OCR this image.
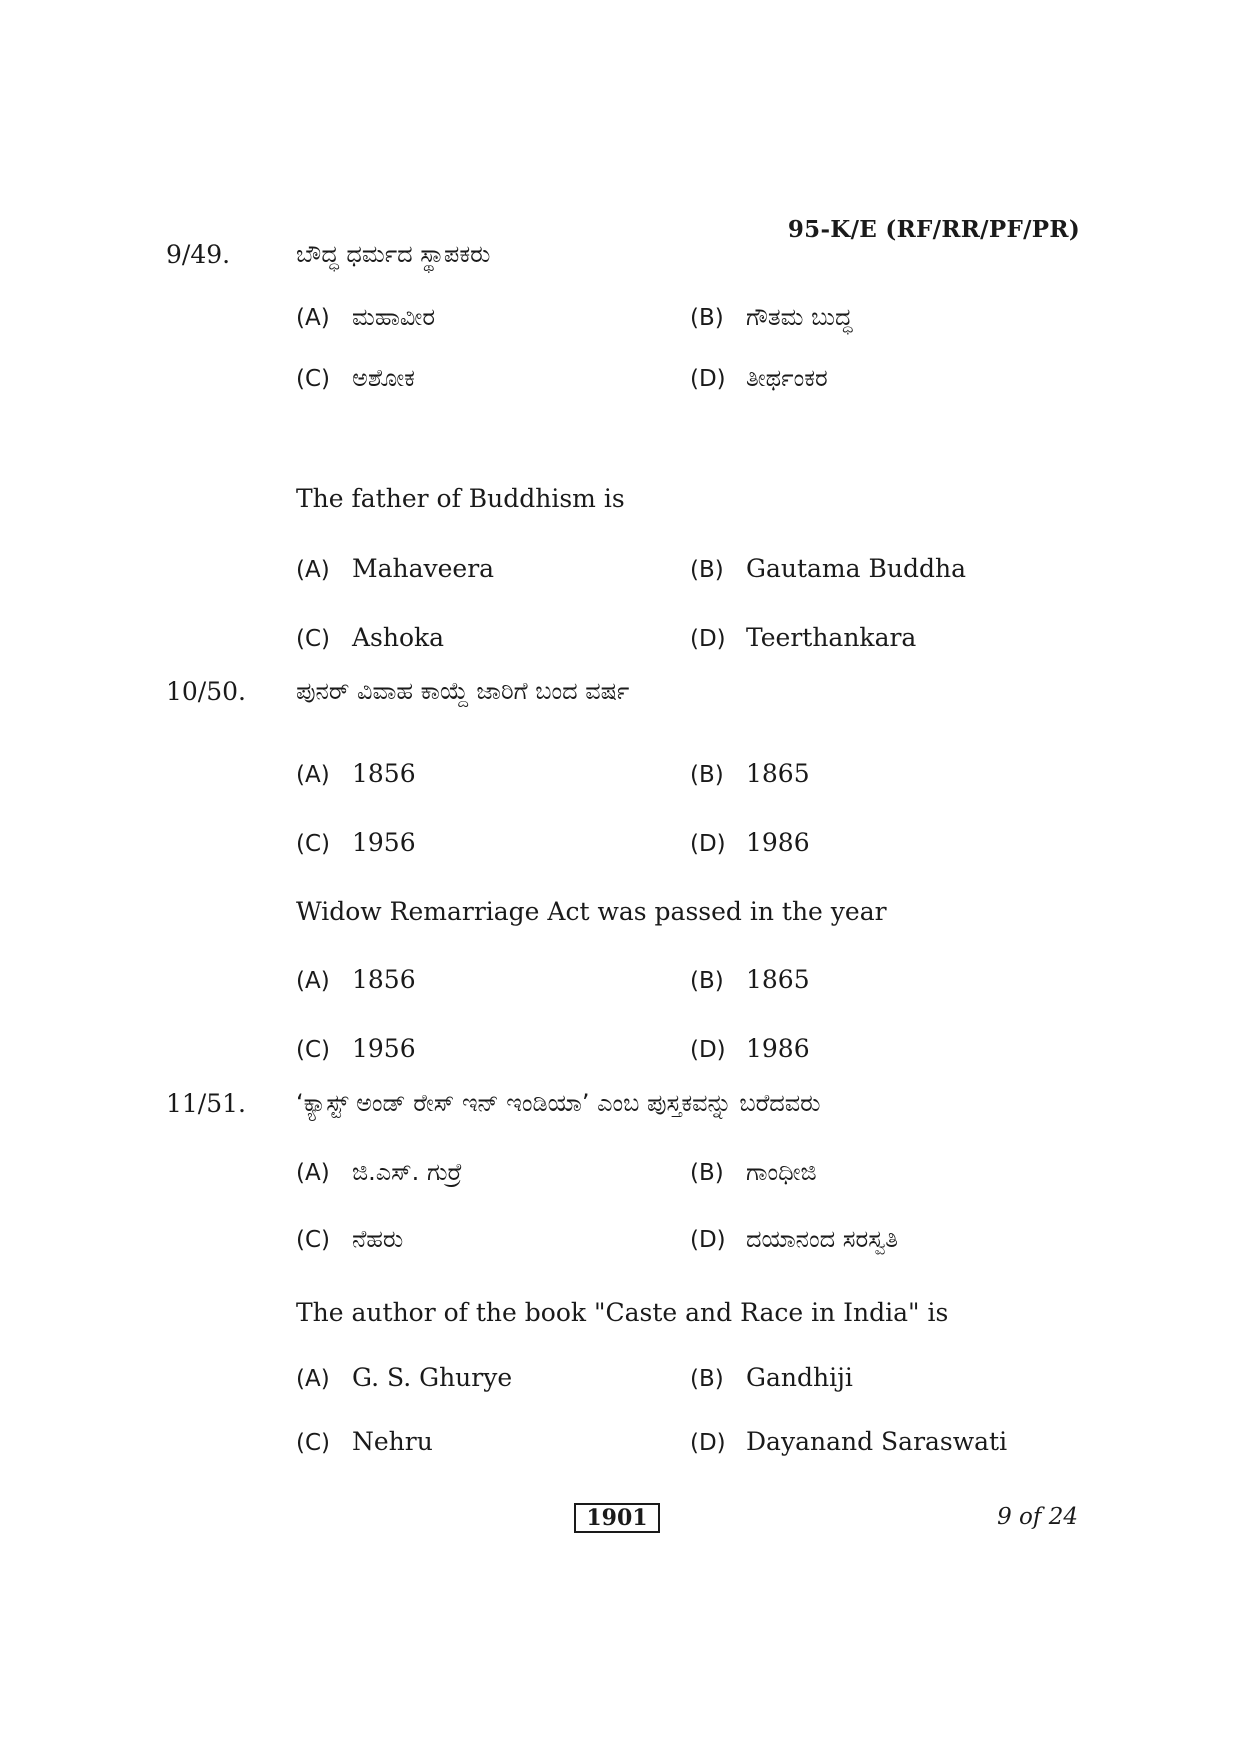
95-K/E (RF/RR/PF/PR)
9/49.	ಬೌದ್ಧ ಧರ್ಮದ ಸ್ಥಾಪಕರು
(A) ಮಹಾವೀರ	(B) ಗೌತಮ ಬುದ್ಧ
(C) ಅಶೋಕ	(D) ತೀರ್ಥಂಕರ
The father of Buddhism is
(A) Mahaveera	(B) Gautama Buddha
(C) Ashoka	(D) Teerthankara
10/50. ಪುನರ್ ವಿವಾಹ ಕಾಯ್ದೆ ಜಾರಿಗೆ ಬಂದ ವರ್ಷ
(A) 1856	(B) 1865
(C) 1956	(D) 1986
Widow Remarriage Act was passed in the year
(A) 1856	(B) 1865
(C) 1956	(D) 1986
11/51. ‘ಕ್ಯಾಸ್ಟ್ ಅಂಡ್ ರೇಸ್ ಇನ್ ಇಂಡಿಯಾ’ ಎಂಬ ಪುಸ್ತಕವನ್ನು ಬರೆದವರು
(A) ಜಿ.ಎಸ್. ಗುರ್ರೆ	(B) ಗಾಂಧೀಜಿ
(C) ನೆಹರು	(D) ದಯಾನಂದ ಸರಸ್ವತಿ
The author of the book "Caste and Race in India" is
(A) G. S. Ghurye	(B) Gandhiji
(C) Nehru	(D) Dayanand Saraswati
1901	9 of 24
